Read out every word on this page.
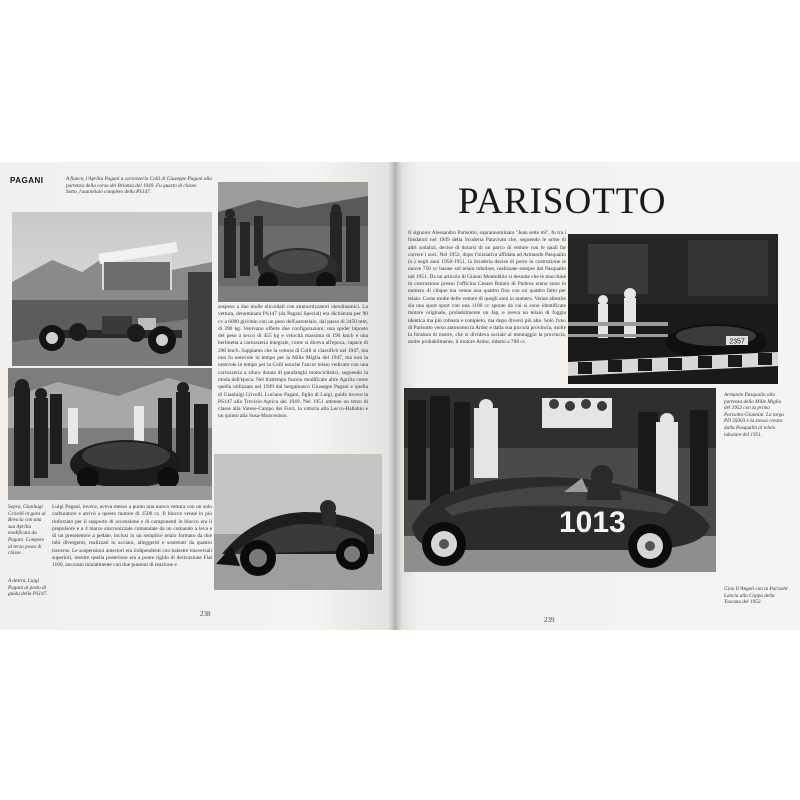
PAGANI	A fianco, l'Aprilia Pagani a carrozzeria Colli di Giuseppe Pagani alla partenza della corsa dei Brianza del 1949. Fu quarto di classe.
Sotto, l'autotelaio completo della PS147.
sospeso a due molle elicoidali con ammortizzatori oleodinamici. La vettura, denominata PS147 (da Pagani Special) era dichiarata per 90 cv a 6000 giri/min con un peso dell'autotelaio, dal passo di 2450 mm, di 390 kg. Venivano offerte due configurazioni: una spider biposto del peso a secco di 455 kg e velocità massima di 190 km/h e una berlinetta a carrozzeria integrale, come si diceva all'epoca, capace di 200 km/h. Sappiamo che la vettura di Colli si classificò nel 1947, ma non fu notevole in tempo per la Mille Miglia del 1947, ma non la notevole in tempo per la Colli nonché l'ancor telaio vedicato con una carrozzeria a siluro dotata di parafanghi motociclistici, seguendo la moda dell'epoca. Nel frattempo furono modificate altre Aprilia come quella utilizzata nel 1949 dal bergamasco Giuseppe Pagani e quella di Gianluigi Crivelli. Luciano Pagani, figlio di Luigi, guidò invece la PS147 alla Trevisio-Aprica del 1949. Nel 1951 ottenne un terzo di classe alla Varese-Campo dei Fiori, la vittoria alla Lecco-Ballabio e un quinto alla Susa-Moncenisio.
Sopra, Gianluigi Crivelli in gara al Brescia con una sua Aprilia modificata da Pagani. Compete al terzo posto di classe.
A destra, Luigi Pagani al posto di guida della PS147.
Luigi Pagani, invece, aveva messo a punto una nuova vettura con un solo carburatore e arrivò a questo motore di 1500 cc. Il blocco venne in più rinforzato per il supporto di accensione e di componenti in blocco era il propulsore e a 4 marce sincronizzate comandate da un comando a leva e di un preselettore a pedale, inclusi in un semplice telaio formato da due tubi divergenti, realizzati in acciaio, alleggeriti e sostenuti da quattro traverse. Le sospensioni anteriori era indipendenti con balestre trasversali superiori, mentre quella posteriore era a ponte rigido di derivazione Fiat 1100, ancorato inizialmente con due puntoni di reazione e
238
PARISOTTO
Il signorer Alessandro Parisotto, soprannominato "Jean sette mi", fu tra i fondatori nel 1949 della Scuderia Patavium che, seguendo le orme di altri sodalizi, decise di dotarsi di un parco di vetture con le quali far correre i soci. Nel 1952, dopo l'iniziativa affidata ad Armando Pasqualin (o.) negli anni 1950-1951, la Scuderia decise di porre in costruzione le nuove 750 cc basate sul telaio tubolare, realizzate sempre dal Pasqualin nel 1951. Da un articolo di Gianni Montobbio si desume che le macchine in costruzione presso l'officina Cesare Rotaro di Padova erano sono in numero di cinque ma venne una quattro fino con un quattro fatto per telaio. Come molte delle vetture di quegli anni in numero. Venne allestite sia una sport sport con una 1100 cc sponte da cui si sono identificate motore originale, probabilmente un Jap, e aveva un telaio di foggia identica ma più robusta e completo, ma dopo diversi più alte. Solo l'uno di Parisotto verso autonomo la Ardor e dalla sua piccola provincia, molte la foratura di nostre, che si divideva sociale al montaggio la provincia, molte probabilmente, il motore Ardor, ridotto a 708 cc.	2357
Armando Pasqualin alla partenza della Mille Miglia del 1952 con la prima Parisotto-Giannini. La targa PD 35003 è la stessa creata dalla Pasqualin al telaio tubolare del 1951.
1013
Gino D'Angeli con la Parisotti Lancia alla Coppa della Toscana del 1952.
239
